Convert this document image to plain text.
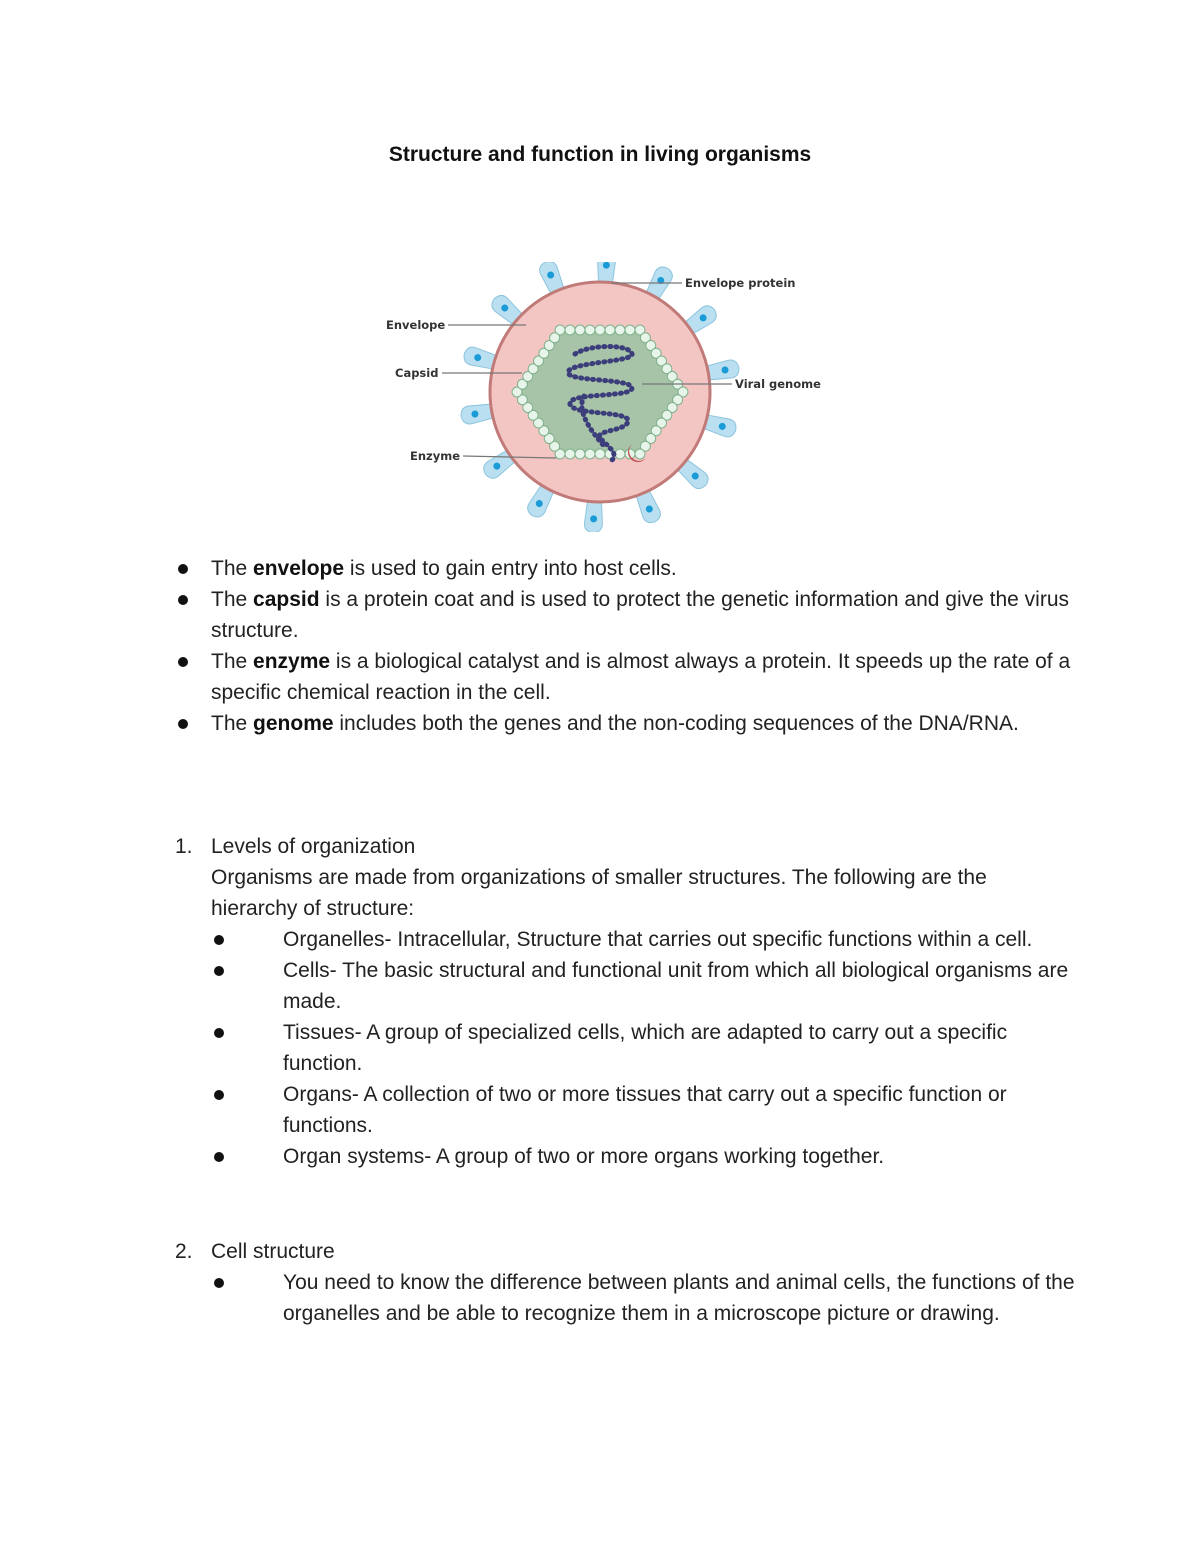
Structure and function in living organisms
Envelope protein
Envelope
Capsid
Viral genome
Enzyme
The envelope is used to gain entry into host cells.
The capsid is a protein coat and is used to protect the genetic information and give the virus structure.
The enzyme is a biological catalyst and is almost always a protein. It speeds up the rate of a specific chemical reaction in the cell.
The genome includes both the genes and the non-coding sequences of the DNA/RNA.
1. Levels of organization
Organisms are made from organizations of smaller structures. The following are the hierarchy of structure:
Organelles- Intracellular, Structure that carries out specific functions within a cell.
Cells- The basic structural and functional unit from which all biological organisms are made.
Tissues- A group of specialized cells, which are adapted to carry out a specific function.
Organs- A collection of two or more tissues that carry out a specific function or functions.
Organ systems- A group of two or more organs working together.
2. Cell structure
You need to know the difference between plants and animal cells, the functions of the organelles and be able to recognize them in a microscope picture or drawing.
